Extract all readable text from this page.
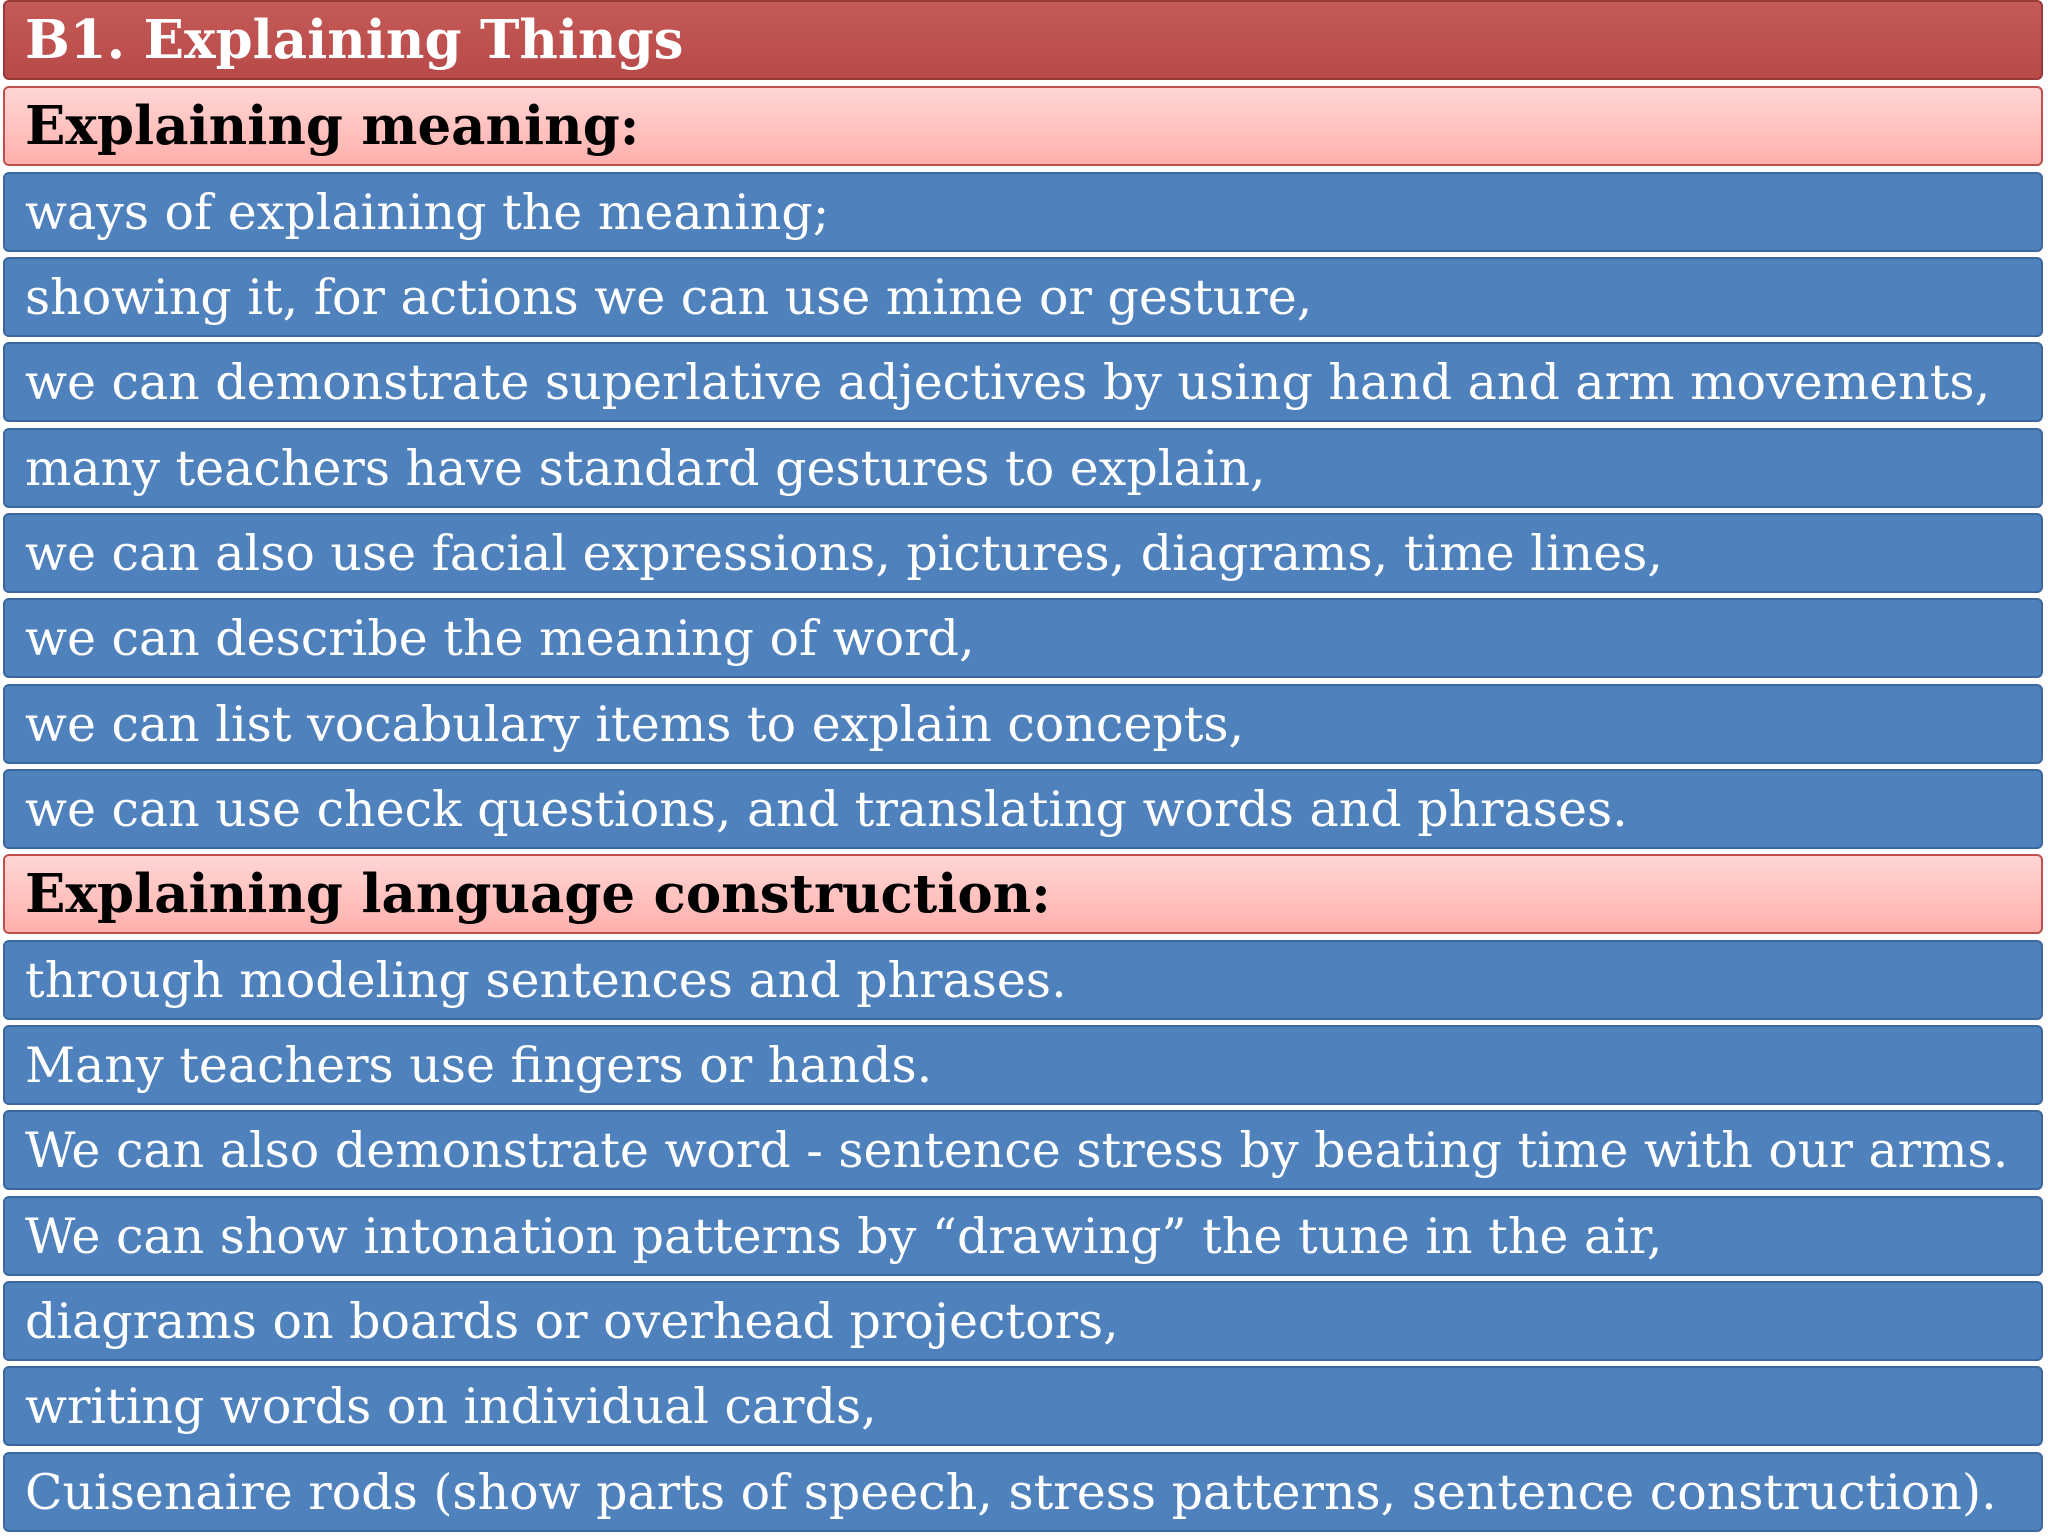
B1. Explaining Things
Explaining meaning:
ways of explaining the meaning;
showing it, for actions we can use mime or gesture,
we can demonstrate superlative adjectives by using hand and arm movements,
many teachers have standard gestures to explain,
we can also use facial expressions, pictures, diagrams, time lines,
we can describe the meaning of word,
we can list vocabulary items to explain concepts,
we can use check questions, and translating words and phrases.
Explaining language construction:
through modeling sentences and phrases.
Many teachers use fingers or hands.
We can also demonstrate word - sentence stress by beating time with our arms.
We can show intonation patterns by “drawing” the tune in the air,
diagrams on boards or overhead projectors,
writing words on individual cards,
Cuisenaire rods (show parts of speech, stress patterns, sentence construction).
